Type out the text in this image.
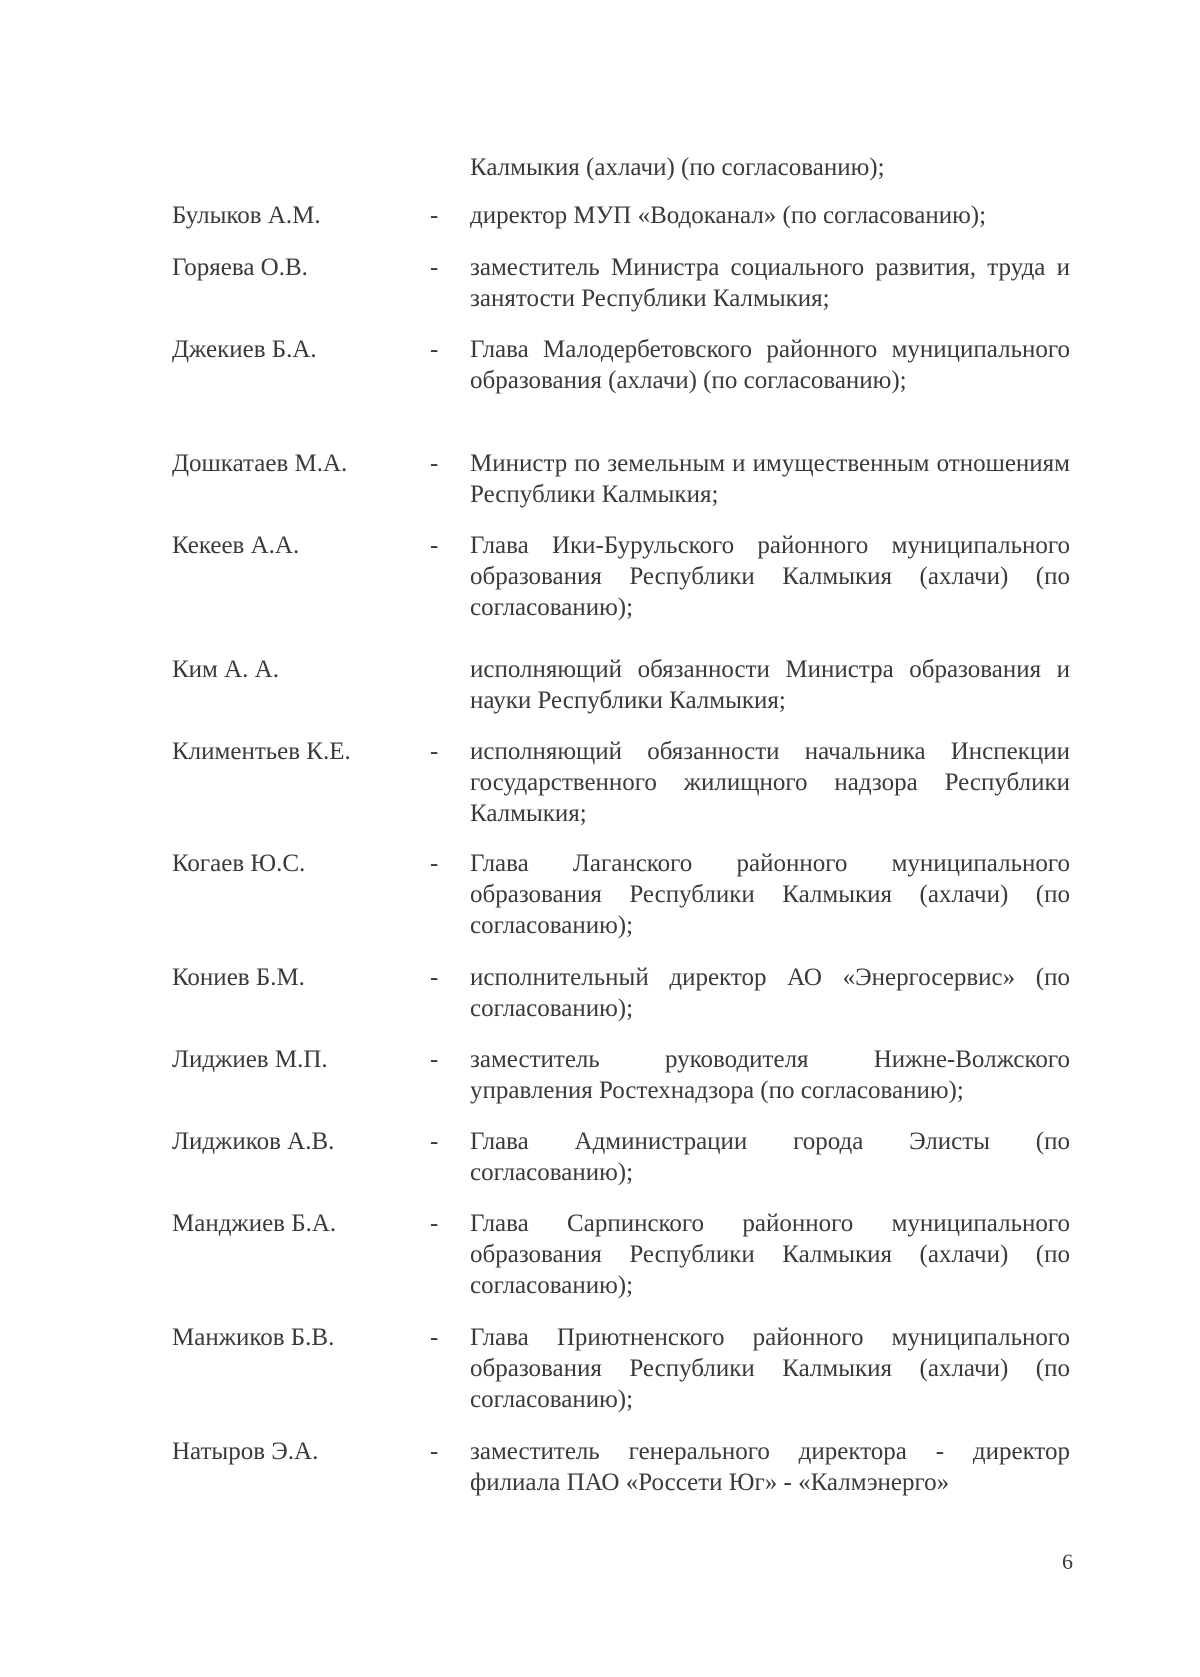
Калмыкия (ахлачи) (по согласованию);
Булыков А.М.	- директор МУП «Водоканал» (по согласованию);
Горяева О.В.	- заместитель Министра социального развития, труда и занятости Республики Калмыкия;
Джекиев Б.А.	- Глава Малодербетовского районного муниципального образования (ахлачи) (по согласованию);
Дошкатаев М.А.	- Министр по земельным и имущественным отношениям Республики Калмыкия;
Кекеев А.А.	- Глава Ики-Бурульского районного муниципального образования Республики Калмыкия (ахлачи) (по согласованию);
Ким А. А.	исполняющий обязанности Министра образования и науки Республики Калмыкия;
Климентьев К.Е.	- исполняющий обязанности начальника Инспекции государственного жилищного надзора Республики Калмыкия;
Когаев Ю.С.	- Глава Лаганского районного муниципального образования Республики Калмыкия (ахлачи) (по согласованию);
Кониев Б.М.	- исполнительный директор АО «Энергосервис» (по согласованию);
Лиджиев М.П.	- заместитель руководителя Нижне-Волжского управления Ростехнадзора (по согласованию);
Лиджиков А.В.	- Глава Администрации города Элисты (по согласованию);
Манджиев Б.А.	- Глава Сарпинского районного муниципального образования Республики Калмыкия (ахлачи) (по согласованию);
Манжиков Б.В.	- Глава Приютненского районного муниципального образования Республики Калмыкия (ахлачи) (по согласованию);
Натыров Э.А.	- заместитель генерального директора - директор филиала ПАО «Россети Юг» - «Калмэнерго»
6
